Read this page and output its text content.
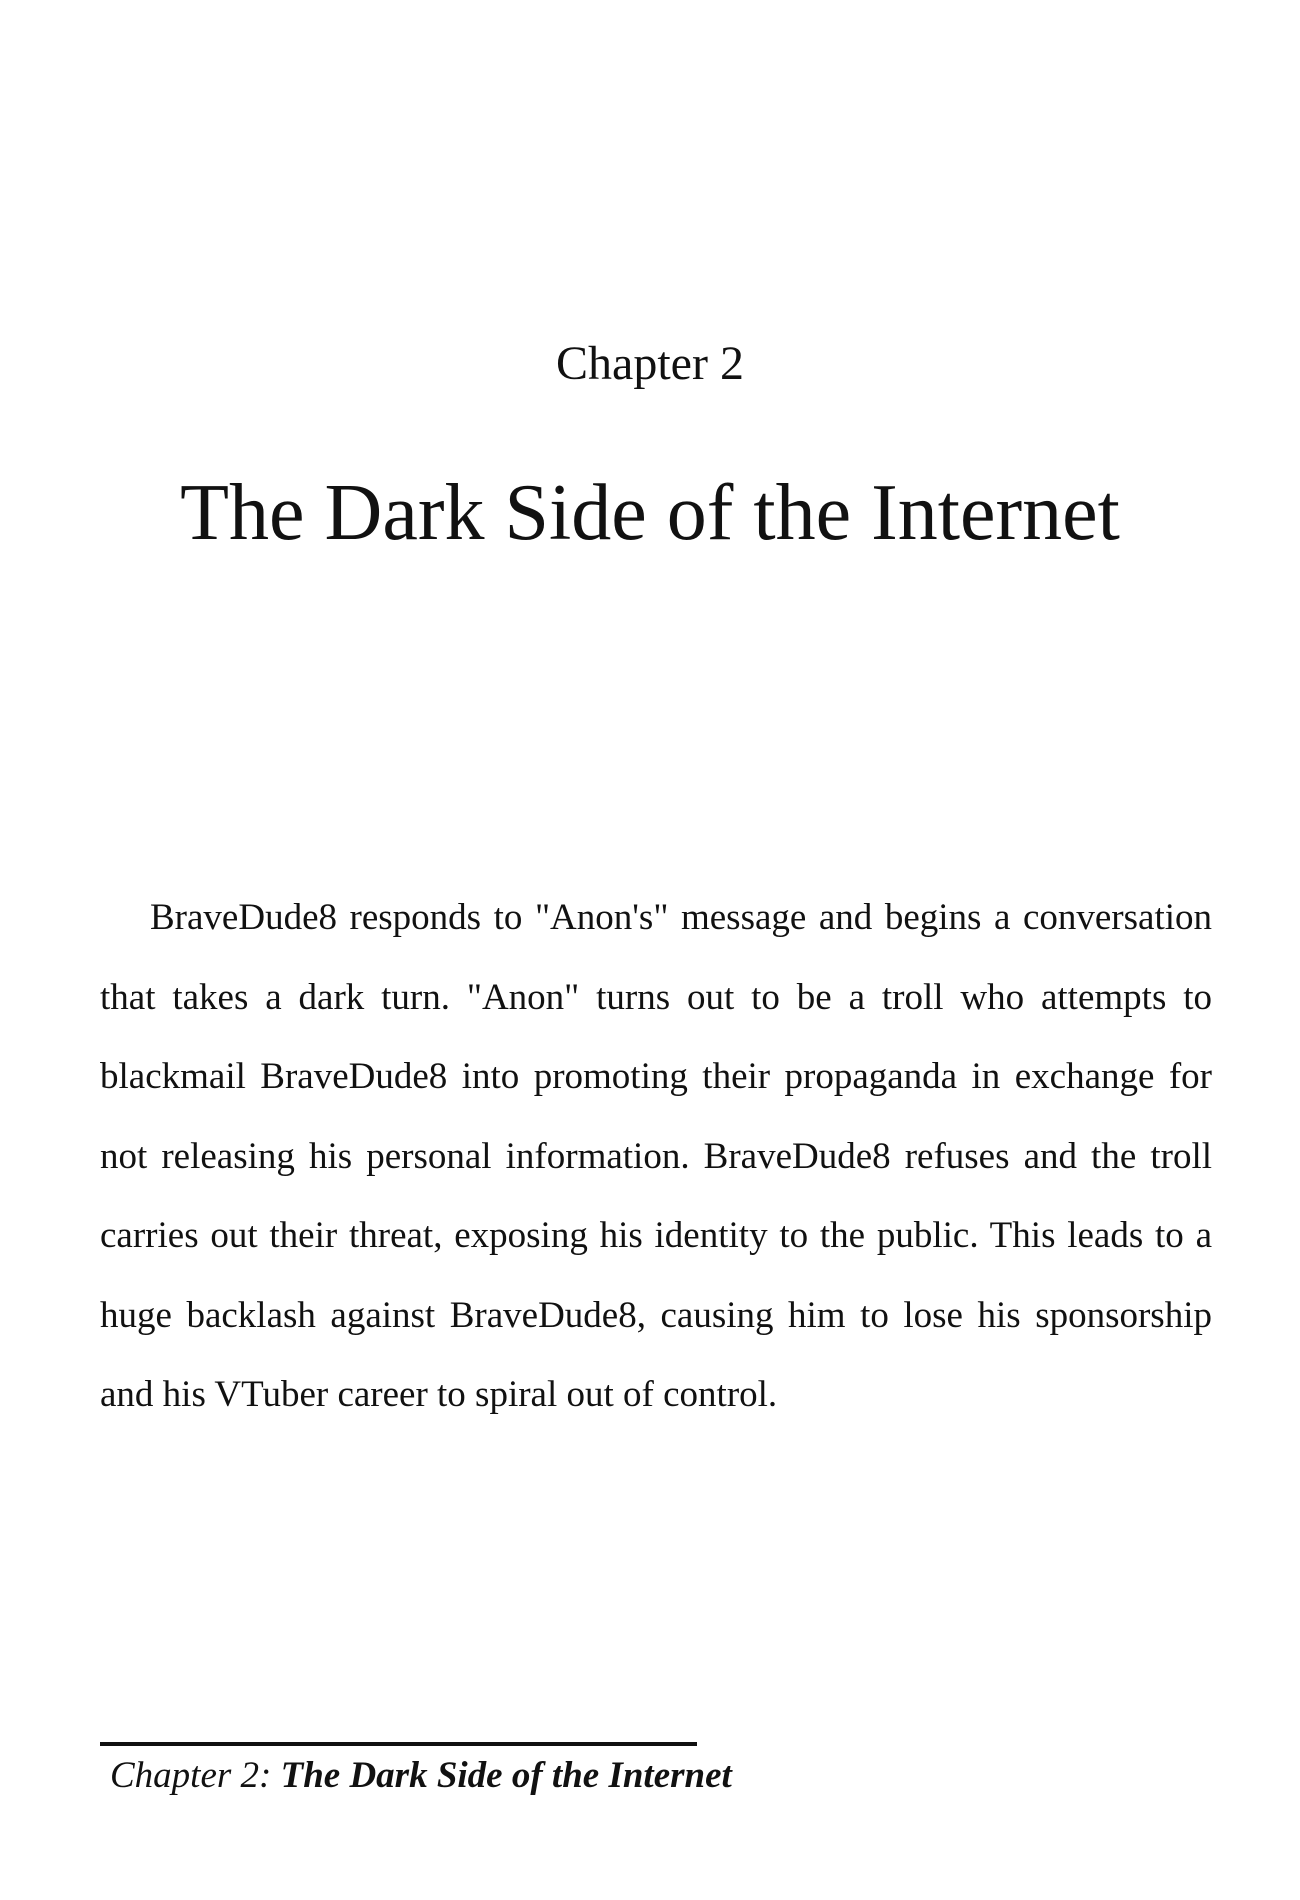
Chapter 2
The Dark Side of the Internet

BraveDude8 responds to "Anon's" message and begins a conversation that takes a dark turn. "Anon" turns out to be a troll who attempts to blackmail BraveDude8 into promoting their propaganda in exchange for not releasing his personal information. BraveDude8 refuses and the troll carries out their threat, exposing his identity to the public. This leads to a huge backlash against BraveDude8, causing him to lose his sponsorship and his VTuber career to spiral out of control.

Chapter 2: The Dark Side of the Internet
